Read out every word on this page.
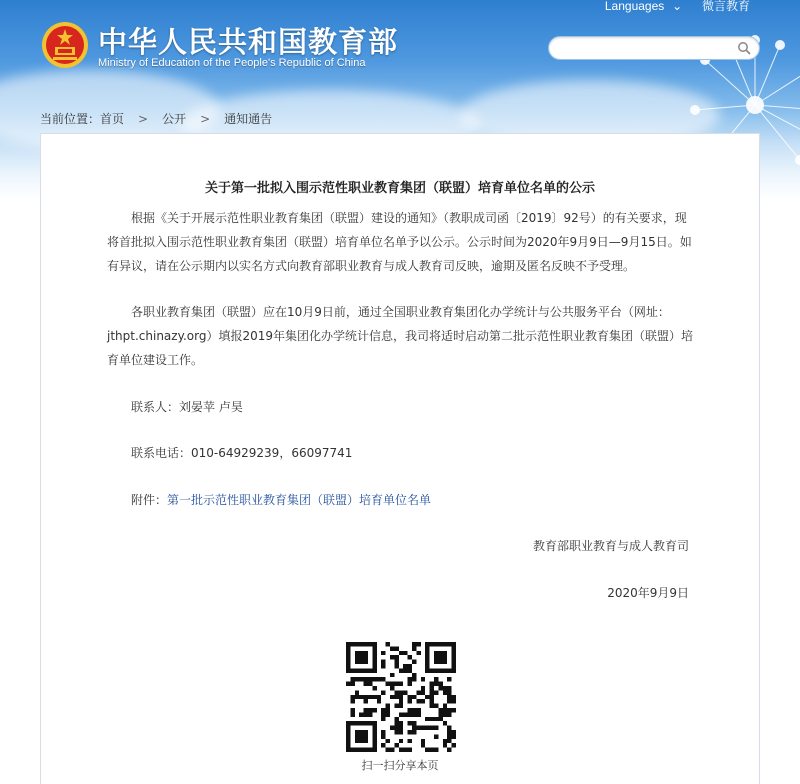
中华人民共和国教育部
Ministry of Education of the People's Republic of China
Languages ⌄ 微言教育
当前位置：首页 > 公开 > 通知通告
关于第一批拟入围示范性职业教育集团（联盟）培育单位名单的公示
根据《关于开展示范性职业教育集团（联盟）建设的通知》（教职成司函〔2019〕92号）的有关要求，现将首批拟入围示范性职业教育集团（联盟）培育单位名单予以公示。公示时间为2020年9月9日—9月15日。如有异议，请在公示期内以实名方式向教育部职业教育与成人教育司反映，逾期及匿名反映不予受理。
各职业教育集团（联盟）应在10月9日前，通过全国职业教育集团化办学统计与公共服务平台（网址：jthpt.chinazy.org）填报2019年集团化办学统计信息，我司将适时启动第二批示范性职业教育集团（联盟）培育单位建设工作。
联系人：刘晏苹 卢昊
联系电话：010-64929239，66097741
附件：第一批示范性职业教育集团（联盟）培育单位名单
教育部职业教育与成人教育司
2020年9月9日
扫一扫分享本页
